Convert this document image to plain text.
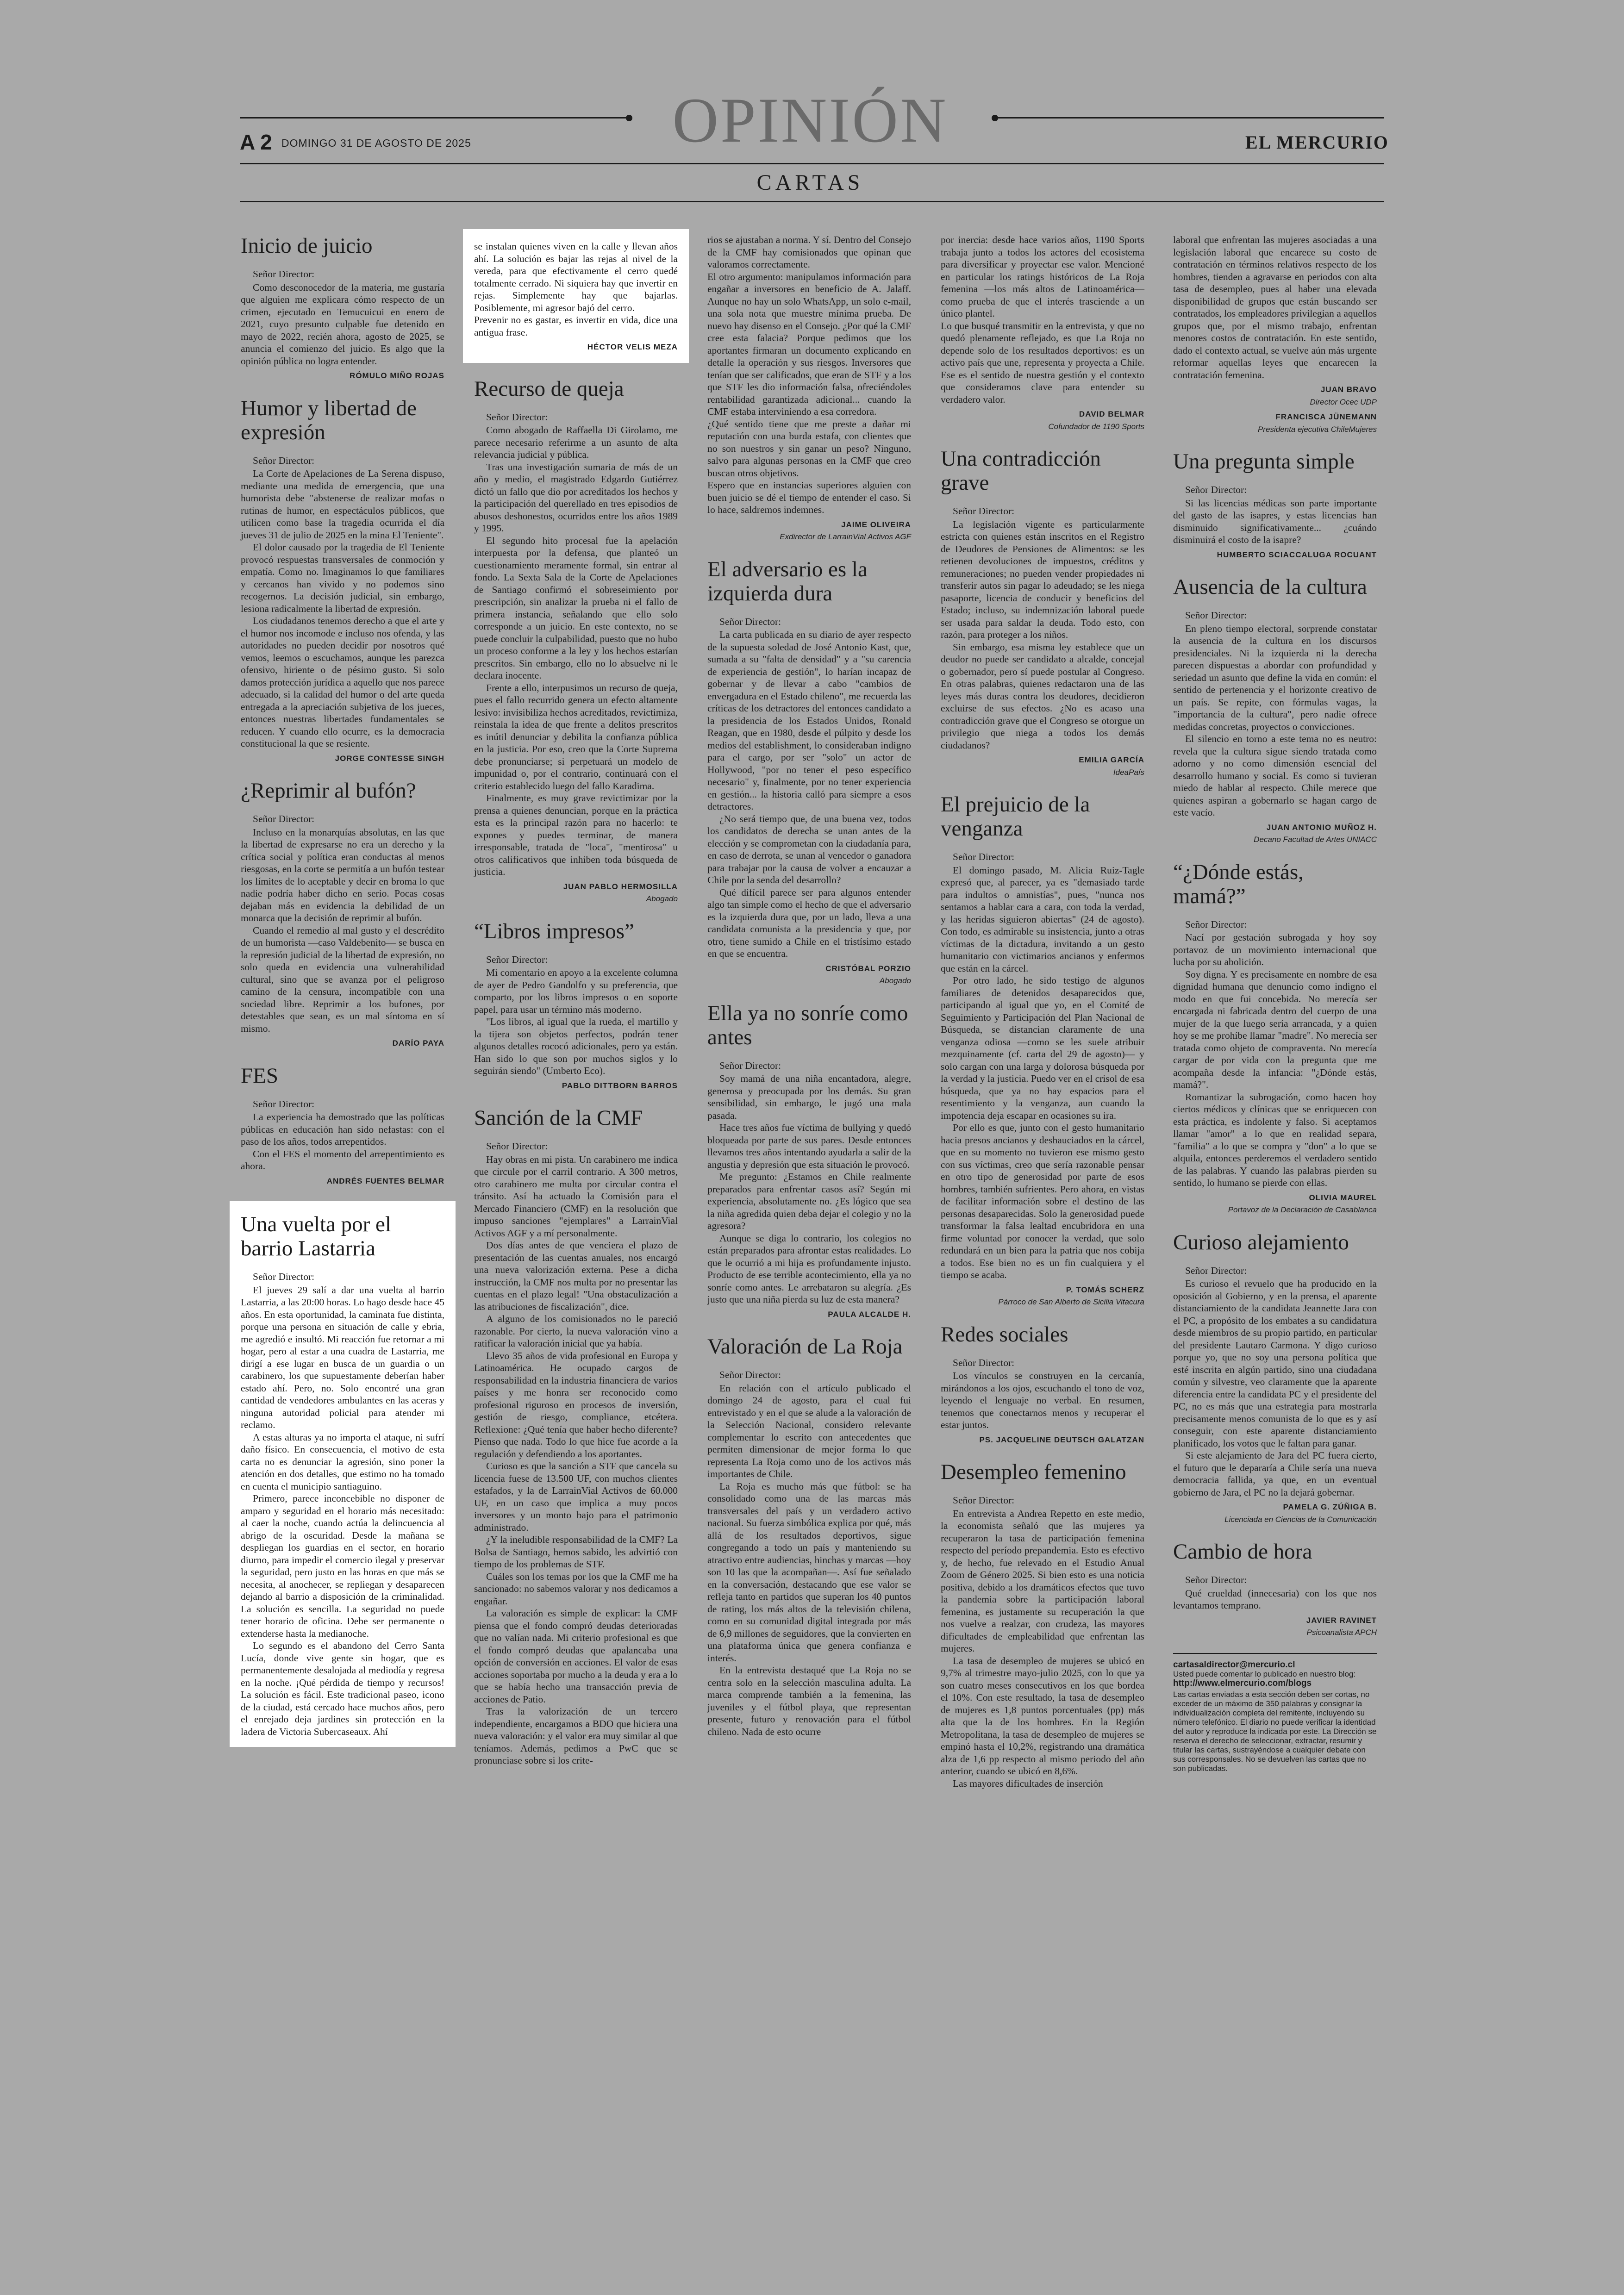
OPINIÓN
A 2 DOMINGO 31 DE AGOSTO DE 2025	EL MERCURIO
CARTAS
Inicio de juicio
Señor Director:

Como desconocedor de la materia, me gustaría que alguien me explicara cómo respecto de un crimen, ejecutado en Temucuicui en enero de 2021, cuyo presunto culpable fue detenido en mayo de 2022, recién ahora, agosto de 2025, se anuncia el comienzo del juicio. Es algo que la opinión pública no logra entender.

RÓMULO MIÑO ROJAS
Humor y libertad de expresión
Señor Director:

La Corte de Apelaciones de La Serena dispuso, mediante una medida de emergencia, que una humorista debe "abstenerse de realizar mofas o rutinas de humor, en espectáculos públicos, que utilicen como base la tragedia ocurrida el día jueves 31 de julio de 2025 en la mina El Teniente".

El dolor causado por la tragedia de El Teniente provocó respuestas transversales de conmoción y empatía. Como no. Imaginamos lo que familiares y cercanos han vivido y no podemos sino recogernos. La decisión judicial, sin embargo, lesiona radicalmente la libertad de expresión.

Los ciudadanos tenemos derecho a que el arte y el humor nos incomode e incluso nos ofenda, y las autoridades no pueden decidir por nosotros qué vemos, leemos o escuchamos, aunque les parezca ofensivo, hiriente o de pésimo gusto. Si solo damos protección jurídica a aquello que nos parece adecuado, si la calidad del humor o del arte queda entregada a la apreciación subjetiva de los jueces, entonces nuestras libertades fundamentales se reducen. Y cuando ello ocurre, es la democracia constitucional la que se resiente.

JORGE CONTESSE SINGH
¿Reprimir al bufón?
Señor Director:

Incluso en la monarquías absolutas, en las que la libertad de expresarse no era un derecho y la crítica social y política eran conductas al menos riesgosas, en la corte se permitía a un bufón testear los límites de lo aceptable y decir en broma lo que nadie podría haber dicho en serio. Pocas cosas dejaban más en evidencia la debilidad de un monarca que la decisión de reprimir al bufón.

Cuando el remedio al mal gusto y el descrédito de un humorista —caso Valdebenito— se busca en la represión judicial de la libertad de expresión, no solo queda en evidencia una vulnerabilidad cultural, sino que se avanza por el peligroso camino de la censura, incompatible con una sociedad libre. Reprimir a los bufones, por detestables que sean, es un mal síntoma en sí mismo.

DARÍO PAYA
FES
Señor Director:

La experiencia ha demostrado que las políticas públicas en educación han sido nefastas: con el paso de los años, todos arrepentidos.

Con el FES el momento del arrepentimiento es ahora.

ANDRÉS FUENTES BELMAR
Una vuelta por el barrio Lastarria
Señor Director:

El jueves 29 salí a dar una vuelta al barrio Lastarria, a las 20:00 horas. Lo hago desde hace 45 años. En esta oportunidad, la caminata fue distinta, porque una persona en situación de calle y ebria, me agredió e insultó. Mi reacción fue retornar a mi hogar, pero al estar a una cuadra de Lastarria, me dirigí a ese lugar en busca de un guardia o un carabinero, los que supuestamente deberían haber estado ahí. Pero, no. Solo encontré una gran cantidad de vendedores ambulantes en las aceras y ninguna autoridad policial para atender mi reclamo.

A estas alturas ya no importa el ataque, ni sufrí daño físico. En consecuencia, el motivo de esta carta no es denunciar la agresión, sino poner la atención en dos detalles, que estimo no ha tomado en cuenta el municipio santiaguino.

Primero, parece inconcebible no disponer de amparo y seguridad en el horario más necesitado: al caer la noche, cuando actúa la delincuencia al abrigo de la oscuridad. Desde la mañana se despliegan los guardias en el sector, en horario diurno, para impedir el comercio ilegal y preservar la seguridad, pero justo en las horas en que más se necesita, al anochecer, se repliegan y desaparecen dejando al barrio a disposición de la criminalidad. La solución es sencilla. La seguridad no puede tener horario de oficina. Debe ser permanente o extenderse hasta la medianoche.

Lo segundo es el abandono del Cerro Santa Lucía, donde vive gente sin hogar, que es permanentemente desalojada al mediodía y regresa en la noche. ¡Qué pérdida de tiempo y recursos! La solución es fácil. Este tradicional paseo, icono de la ciudad, está cercado hace muchos años, pero el enrejado deja jardines sin protección en la ladera de Victoria Subercaseaux. Ahí

se instalan quienes viven en la calle y llevan años ahí. La solución es bajar las rejas al nivel de la vereda, para que efectivamente el cerro quedé totalmente cerrado. Ni siquiera hay que invertir en rejas. Simplemente hay que bajarlas. Posiblemente, mi agresor bajó del cerro.

Prevenir no es gastar, es invertir en vida, dice una antigua frase.

HÉCTOR VELIS MEZA
Recurso de queja
Señor Director:

Como abogado de Raffaella Di Girolamo, me parece necesario referirme a un asunto de alta relevancia judicial y pública.

Tras una investigación sumaria de más de un año y medio, el magistrado Edgardo Gutiérrez dictó un fallo que dio por acreditados los hechos y la participación del querellado en tres episodios de abusos deshonestos, ocurridos entre los años 1989 y 1995.

El segundo hito procesal fue la apelación interpuesta por la defensa, que planteó un cuestionamiento meramente formal, sin entrar al fondo. La Sexta Sala de la Corte de Apelaciones de Santiago confirmó el sobreseimiento por prescripción, sin analizar la prueba ni el fallo de primera instancia, señalando que ello solo corresponde a un juicio. En este contexto, no se puede concluir la culpabilidad, puesto que no hubo un proceso conforme a la ley y los hechos estarían prescritos. Sin embargo, ello no lo absuelve ni le declara inocente.

Frente a ello, interpusimos un recurso de queja, pues el fallo recurrido genera un efecto altamente lesivo: invisibiliza hechos acreditados, revictimiza, reinstala la idea de que frente a delitos prescritos es inútil denunciar y debilita la confianza pública en la justicia. Por eso, creo que la Corte Suprema debe pronunciarse; si perpetuará un modelo de impunidad o, por el contrario, continuará con el criterio establecido luego del fallo Karadima.

Finalmente, es muy grave revictimizar por la prensa a quienes denuncian, porque en la práctica esta es la principal razón para no hacerlo: te expones y puedes terminar, de manera irresponsable, tratada de "loca", "mentirosa" u otros calificativos que inhiben toda búsqueda de justicia.

JUAN PABLO HERMOSILLA
Abogado
“Libros impresos”
Señor Director:

Mi comentario en apoyo a la excelente columna de ayer de Pedro Gandolfo y su preferencia, que comparto, por los libros impresos o en soporte papel, para usar un término más moderno.

"Los libros, al igual que la rueda, el martillo y la tijera son objetos perfectos, podrán tener algunos detalles rococó adicionales, pero ya están. Han sido lo que son por muchos siglos y lo seguirán siendo" (Umberto Eco).

PABLO DITTBORN BARROS
Sanción de la CMF
Señor Director:

Hay obras en mi pista. Un carabinero me indica que circule por el carril contrario. A 300 metros, otro carabinero me multa por circular contra el tránsito. Así ha actuado la Comisión para el Mercado Financiero (CMF) en la resolución que impuso sanciones "ejemplares" a LarrainVial Activos AGF y a mí personalmente.

Dos días antes de que venciera el plazo de presentación de las cuentas anuales, nos encargó una nueva valorización externa. Pese a dicha instrucción, la CMF nos multa por no presentar las cuentas en el plazo legal! "Una obstaculización a las atribuciones de fiscalización", dice.

A alguno de los comisionados no le pareció razonable. Por cierto, la nueva valoración vino a ratificar la valoración inicial que ya había.

Llevo 35 años de vida profesional en Europa y Latinoamérica. He ocupado cargos de responsabilidad en la industria financiera de varios países y me honra ser reconocido como profesional riguroso en procesos de inversión, gestión de riesgo, compliance, etcétera. Reflexione: ¿Qué tenía que haber hecho diferente? Pienso que nada. Todo lo que hice fue acorde a la regulación y defendiendo a los aportantes.

Curioso es que la sanción a STF que cancela su licencia fuese de 13.500 UF, con muchos clientes estafados, y la de LarrainVial Activos de 60.000 UF, en un caso que implica a muy pocos inversores y un monto bajo para el patrimonio administrado.

¿Y la ineludible responsabilidad de la CMF? La Bolsa de Santiago, hemos sabido, les advirtió con tiempo de los problemas de STF.

Cuáles son los temas por los que la CMF me ha sancionado: no sabemos valorar y nos dedicamos a engañar.

La valoración es simple de explicar: la CMF piensa que el fondo compró deudas deterioradas que no valían nada. Mi criterio profesional es que el fondo compró deudas que apalancaba una opción de conversión en acciones. El valor de esas acciones soportaba por mucho a la deuda y era a lo que se había hecho una transacción previa de acciones de Patio.

Tras la valorización de un tercero independiente, encargamos a BDO que hiciera una nueva valoración: y el valor era muy similar al que teníamos. Además, pedimos a PwC que se pronunciase sobre si los crite-

rios se ajustaban a norma. Y sí. Dentro del Consejo de la CMF hay comisionados que opinan que valoramos correctamente.

El otro argumento: manipulamos información para engañar a inversores en beneficio de A. Jalaff. Aunque no hay un solo WhatsApp, un solo e-mail, una sola nota que muestre mínima prueba. De nuevo hay disenso en el Consejo. ¿Por qué la CMF cree esta falacia? Porque pedimos que los aportantes firmaran un documento explicando en detalle la operación y sus riesgos. Inversores que tenían que ser calificados, que eran de STF y a los que STF les dio información falsa, ofreciéndoles rentabilidad garantizada adicional... cuando la CMF estaba interviniendo a esa corredora.

¿Qué sentido tiene que me preste a dañar mi reputación con una burda estafa, con clientes que no son nuestros y sin ganar un peso? Ninguno, salvo para algunas personas en la CMF que creo buscan otros objetivos.

Espero que en instancias superiores alguien con buen juicio se dé el tiempo de entender el caso. Si lo hace, saldremos indemnes.

JAIME OLIVEIRA
Exdirector de LarrainVial Activos AGF
El adversario es la izquierda dura
Señor Director:

La carta publicada en su diario de ayer respecto de la supuesta soledad de José Antonio Kast, que, sumada a su "falta de densidad" y a "su carencia de experiencia de gestión", lo harían incapaz de gobernar y de llevar a cabo "cambios de envergadura en el Estado chileno", me recuerda las críticas de los detractores del entonces candidato a la presidencia de los Estados Unidos, Ronald Reagan, que en 1980, desde el púlpito y desde los medios del establishment, lo consideraban indigno para el cargo, por ser "solo" un actor de Hollywood, "por no tener el peso específico necesario" y, finalmente, por no tener experiencia en gestión... la historia calló para siempre a esos detractores.

¿No será tiempo que, de una buena vez, todos los candidatos de derecha se unan antes de la elección y se comprometan con la ciudadanía para, en caso de derrota, se unan al vencedor o ganadora para trabajar por la causa de volver a encauzar a Chile por la senda del desarrollo?

Qué difícil parece ser para algunos entender algo tan simple como el hecho de que el adversario es la izquierda dura que, por un lado, lleva a una candidata comunista a la presidencia y que, por otro, tiene sumido a Chile en el tristísimo estado en que se encuentra.

CRISTÓBAL PORZIO
Abogado
Ella ya no sonríe como antes
Señor Director:

Soy mamá de una niña encantadora, alegre, generosa y preocupada por los demás. Su gran sensibilidad, sin embargo, le jugó una mala pasada.

Hace tres años fue víctima de bullying y quedó bloqueada por parte de sus pares. Desde entonces llevamos tres años intentando ayudarla a salir de la angustia y depresión que esta situación le provocó.

Me pregunto: ¿Estamos en Chile realmente preparados para enfrentar casos así? Según mi experiencia, absolutamente no. ¿Es lógico que sea la niña agredida quien deba dejar el colegio y no la agresora?

Aunque se diga lo contrario, los colegios no están preparados para afrontar estas realidades. Lo que le ocurrió a mi hija es profundamente injusto. Producto de ese terrible acontecimiento, ella ya no sonríe como antes. Le arrebataron su alegría. ¿Es justo que una niña pierda su luz de esta manera?

PAULA ALCALDE H.
Valoración de La Roja
Señor Director:

En relación con el artículo publicado el domingo 24 de agosto, para el cual fui entrevistado y en el que se alude a la valoración de la Selección Nacional, considero relevante complementar lo escrito con antecedentes que permiten dimensionar de mejor forma lo que representa La Roja como uno de los activos más importantes de Chile.

La Roja es mucho más que fútbol: se ha consolidado como una de las marcas más transversales del país y un verdadero activo nacional. Su fuerza simbólica explica por qué, más allá de los resultados deportivos, sigue congregando a todo un país y manteniendo su atractivo entre audiencias, hinchas y marcas —hoy son 10 las que la acompañan—. Así fue señalado en la conversación, destacando que ese valor se refleja tanto en partidos que superan los 40 puntos de rating, los más altos de la televisión chilena, como en su comunidad digital integrada por más de 6,9 millones de seguidores, que la convierten en una plataforma única que genera confianza e interés.

En la entrevista destaqué que La Roja no se centra solo en la selección masculina adulta. La marca comprende también a la femenina, las juveniles y el fútbol playa, que representan presente, futuro y renovación para el fútbol chileno. Nada de esto ocurre

por inercia: desde hace varios años, 1190 Sports trabaja junto a todos los actores del ecosistema para diversificar y proyectar ese valor. Mencioné en particular los ratings históricos de La Roja femenina —los más altos de Latinoamérica— como prueba de que el interés trasciende a un único plantel.

Lo que busqué transmitir en la entrevista, y que no quedó plenamente reflejado, es que La Roja no depende solo de los resultados deportivos: es un activo país que une, representa y proyecta a Chile. Ese es el sentido de nuestra gestión y el contexto que consideramos clave para entender su verdadero valor.

DAVID BELMAR
Cofundador de 1190 Sports
Una contradicción grave
Señor Director:

La legislación vigente es particularmente estricta con quienes están inscritos en el Registro de Deudores de Pensiones de Alimentos: se les retienen devoluciones de impuestos, créditos y remuneraciones; no pueden vender propiedades ni transferir autos sin pagar lo adeudado; se les niega pasaporte, licencia de conducir y beneficios del Estado; incluso, su indemnización laboral puede ser usada para saldar la deuda. Todo esto, con razón, para proteger a los niños.

Sin embargo, esa misma ley establece que un deudor no puede ser candidato a alcalde, concejal o gobernador, pero sí puede postular al Congreso. En otras palabras, quienes redactaron una de las leyes más duras contra los deudores, decidieron excluirse de sus efectos. ¿No es acaso una contradicción grave que el Congreso se otorgue un privilegio que niega a todos los demás ciudadanos?

EMILIA GARCÍA
IdeaPaís
El prejuicio de la venganza
Señor Director:

El domingo pasado, M. Alicia Ruiz-Tagle expresó que, al parecer, ya es "demasiado tarde para indultos o amnistías", pues, "nunca nos sentamos a hablar cara a cara, con toda la verdad, y las heridas siguieron abiertas" (24 de agosto). Con todo, es admirable su insistencia, junto a otras víctimas de la dictadura, invitando a un gesto humanitario con victimarios ancianos y enfermos que están en la cárcel.

Por otro lado, he sido testigo de algunos familiares de detenidos desaparecidos que, participando al igual que yo, en el Comité de Seguimiento y Participación del Plan Nacional de Búsqueda, se distancian claramente de una venganza odiosa —como se les suele atribuir mezquinamente (cf. carta del 29 de agosto)— y solo cargan con una larga y dolorosa búsqueda por la verdad y la justicia. Puedo ver en el crisol de esa búsqueda, que ya no hay espacios para el resentimiento y la venganza, aun cuando la impotencia deja escapar en ocasiones su ira.

Por ello es que, junto con el gesto humanitario hacia presos ancianos y deshauciados en la cárcel, que en su momento no tuvieron ese mismo gesto con sus víctimas, creo que sería razonable pensar en otro tipo de generosidad por parte de esos hombres, también sufrientes. Pero ahora, en vistas de facilitar información sobre el destino de las personas desaparecidas. Solo la generosidad puede transformar la falsa lealtad encubridora en una firme voluntad por conocer la verdad, que solo redundará en un bien para la patria que nos cobija a todos. Ese bien no es un fin cualquiera y el tiempo se acaba.

P. TOMÁS SCHERZ
Párroco de San Alberto de Sicilia Vitacura
Redes sociales
Señor Director:

Los vínculos se construyen en la cercanía, mirándonos a los ojos, escuchando el tono de voz, leyendo el lenguaje no verbal. En resumen, tenemos que conectarnos menos y recuperar el estar juntos.

PS. JACQUELINE DEUTSCH GALATZAN
Desempleo femenino
Señor Director:

En entrevista a Andrea Repetto en este medio, la economista señaló que las mujeres ya recuperaron la tasa de participación femenina respecto del período prepandemia. Esto es efectivo y, de hecho, fue relevado en el Estudio Anual Zoom de Género 2025. Si bien esto es una noticia positiva, debido a los dramáticos efectos que tuvo la pandemia sobre la participación laboral femenina, es justamente su recuperación la que nos vuelve a realzar, con crudeza, las mayores dificultades de empleabilidad que enfrentan las mujeres.

La tasa de desempleo de mujeres se ubicó en 9,7% al trimestre mayo-julio 2025, con lo que ya son cuatro meses consecutivos en los que bordea el 10%. Con este resultado, la tasa de desempleo de mujeres es 1,8 puntos porcentuales (pp) más alta que la de los hombres. En la Región Metropolitana, la tasa de desempleo de mujeres se empinó hasta el 10,2%, registrando una dramática alza de 1,6 pp respecto al mismo periodo del año anterior, cuando se ubicó en 8,6%.

Las mayores dificultades de inserción

laboral que enfrentan las mujeres asociadas a una legislación laboral que encarece su costo de contratación en términos relativos respecto de los hombres, tienden a agravarse en periodos con alta tasa de desempleo, pues al haber una elevada disponibilidad de grupos que están buscando ser contratados, los empleadores privilegian a aquellos grupos que, por el mismo trabajo, enfrentan menores costos de contratación. En este sentido, dado el contexto actual, se vuelve aún más urgente reformar aquellas leyes que encarecen la contratación femenina.

JUAN BRAVO
Director Ocec UDP
FRANCISCA JÜNEMANN
Presidenta ejecutiva ChileMujeres
Una pregunta simple
Señor Director:

Si las licencias médicas son parte importante del gasto de las isapres, y estas licencias han disminuido significativamente... ¿cuándo disminuirá el costo de la isapre?

HUMBERTO SCIACCALUGA ROCUANT
Ausencia de la cultura
Señor Director:

En pleno tiempo electoral, sorprende constatar la ausencia de la cultura en los discursos presidenciales. Ni la izquierda ni la derecha parecen dispuestas a abordar con profundidad y seriedad un asunto que define la vida en común: el sentido de pertenencia y el horizonte creativo de un país. Se repite, con fórmulas vagas, la "importancia de la cultura", pero nadie ofrece medidas concretas, proyectos o convicciones.

El silencio en torno a este tema no es neutro: revela que la cultura sigue siendo tratada como adorno y no como dimensión esencial del desarrollo humano y social. Es como si tuvieran miedo de hablar al respecto. Chile merece que quienes aspiran a gobernarlo se hagan cargo de este vacío.

JUAN ANTONIO MUÑOZ H.
Decano Facultad de Artes UNIACC
“¿Dónde estás, mamá?”
Señor Director:

Nací por gestación subrogada y hoy soy portavoz de un movimiento internacional que lucha por su abolición.

Soy digna. Y es precisamente en nombre de esa dignidad humana que denuncio como indigno el modo en que fui concebida. No merecía ser encargada ni fabricada dentro del cuerpo de una mujer de la que luego sería arrancada, y a quien hoy se me prohíbe llamar "madre". No merecía ser tratada como objeto de compraventa. No merecía cargar de por vida con la pregunta que me acompaña desde la infancia: "¿Dónde estás, mamá?".

Romantizar la subrogación, como hacen hoy ciertos médicos y clínicas que se enriquecen con esta práctica, es indolente y falso. Si aceptamos llamar "amor" a lo que en realidad separa, "familia" a lo que se compra y "don" a lo que se alquila, entonces perderemos el verdadero sentido de las palabras. Y cuando las palabras pierden su sentido, lo humano se pierde con ellas.

OLIVIA MAUREL
Portavoz de la Declaración de Casablanca
Curioso alejamiento
Señor Director:

Es curioso el revuelo que ha producido en la oposición al Gobierno, y en la prensa, el aparente distanciamiento de la candidata Jeannette Jara con el PC, a propósito de los embates a su candidatura desde miembros de su propio partido, en particular del presidente Lautaro Carmona. Y digo curioso porque yo, que no soy una persona política que esté inscrita en algún partido, sino una ciudadana común y silvestre, veo claramente que la aparente diferencia entre la candidata PC y el presidente del PC, no es más que una estrategia para mostrarla precisamente menos comunista de lo que es y así conseguir, con este aparente distanciamiento planificado, los votos que le faltan para ganar.

Si este alejamiento de Jara del PC fuera cierto, el futuro que le depararía a Chile sería una nueva democracia fallida, ya que, en un eventual gobierno de Jara, el PC no la dejará gobernar.

PAMELA G. ZÚÑIGA B.
Licenciada en Ciencias de la Comunicación
Cambio de hora
Señor Director:

Qué crueldad (innecesaria) con los que nos levantamos temprano.

JAVIER RAVINET
Psicoanalista APCH
cartasaldirector@mercurio.cl
Usted puede comentar lo publicado en nuestro blog:
http://www.elmercurio.com/blogs
Las cartas enviadas a esta sección deben ser cortas, no exceder de un máximo de 350 palabras y consignar la individualización completa del remitente, incluyendo su número telefónico. El diario no puede verificar la identidad del autor y reproduce la indicada por este. La Dirección se reserva el derecho de seleccionar, extractar, resumir y titular las cartas, sustrayéndose a cualquier debate con sus corresponsales. No se devuelven las cartas que no son publicadas.
